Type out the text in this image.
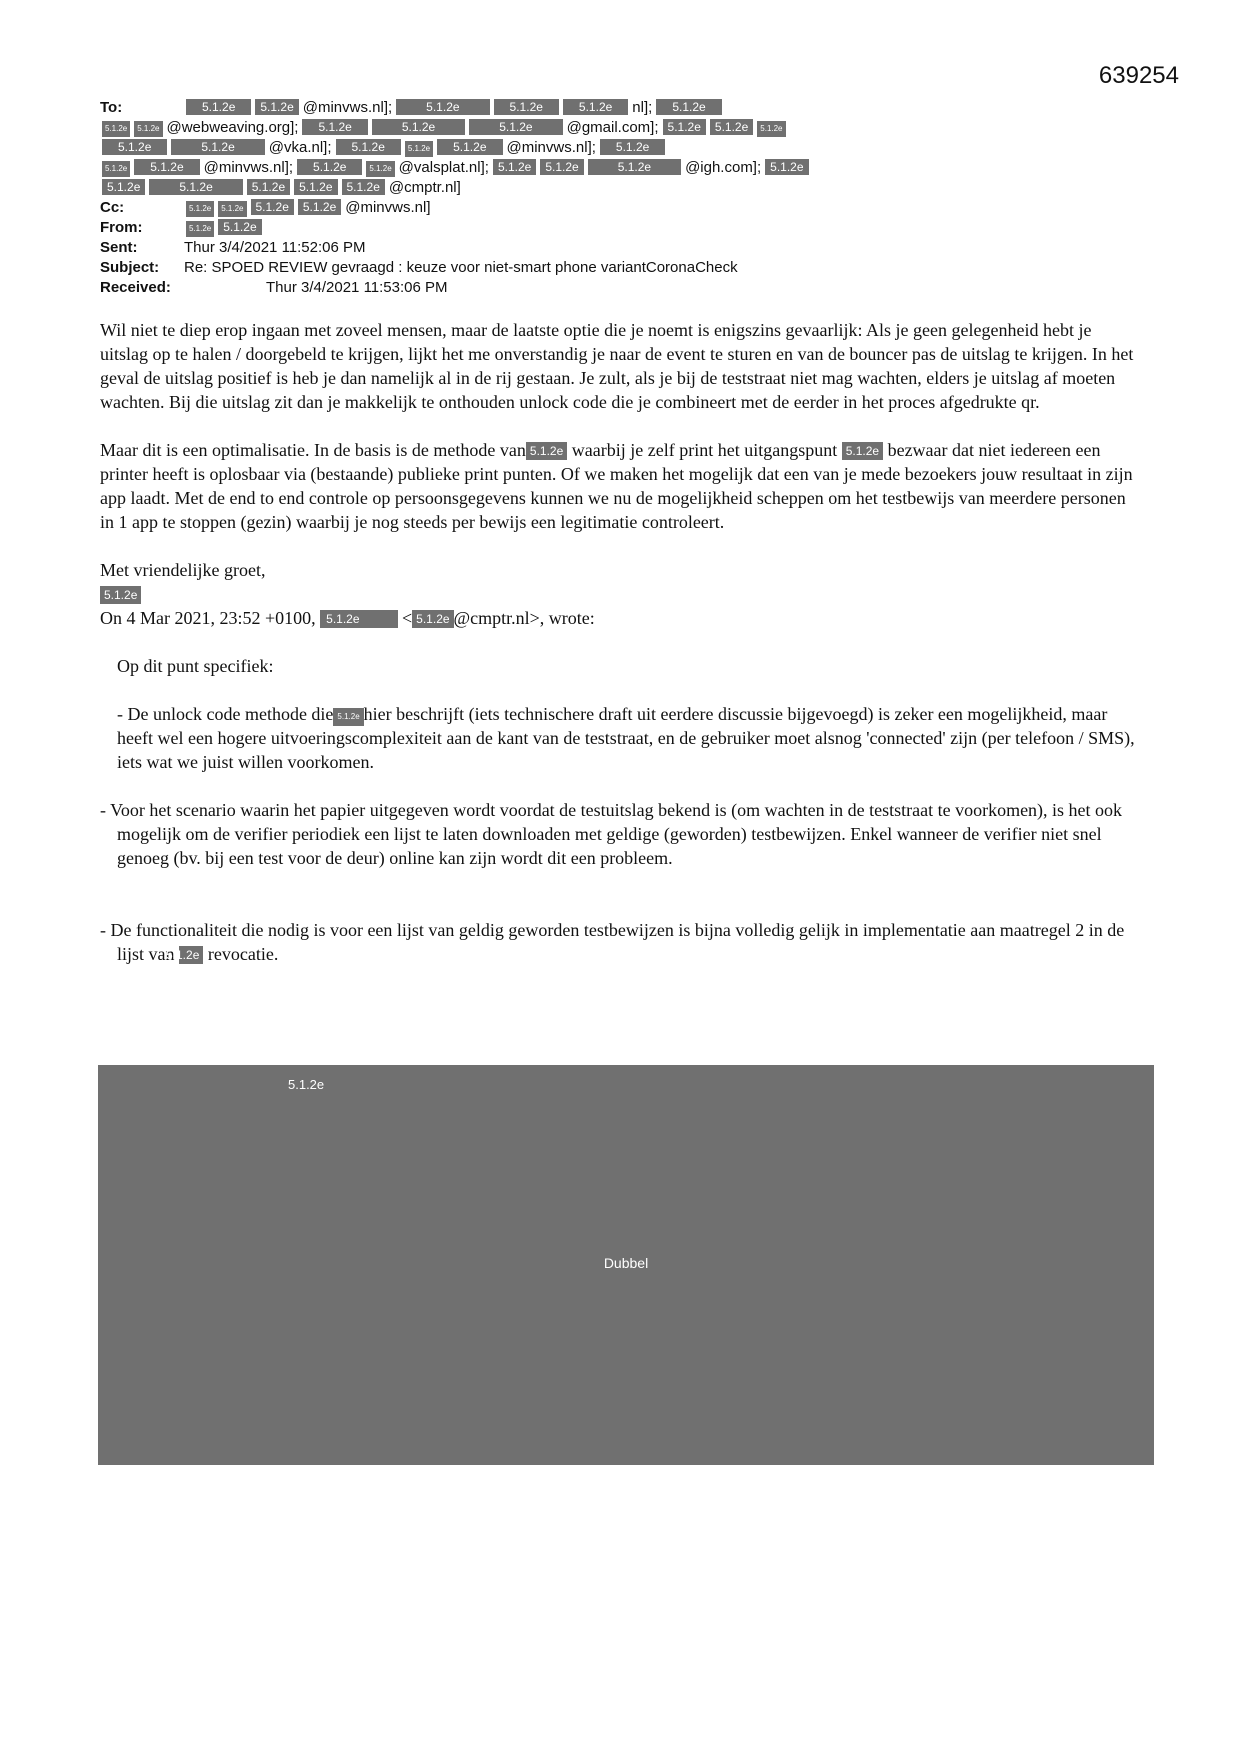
639254
To:	5.1.2e 5.1.2e @minvws.nl];	5.1.2e	5.1.2e	5.1.2e nl]; 5.1.2e
5.1.2e 5.1.2e @webweaving.org]; 5.1.2e	5.1.2e	5.1.2e @gmail.com]; 5.1.2e 5.1.2e 5.1.2e
5.1.2e	5.1.2e @vka.nl]; 5.1.2e	5.1.2e 5.1.2e @minvws.nl]; 5.1.2e
5.1.2e 5.1.2e @minvws.nl]; 5.1.2e	5.1.2e @valsplat.nl]; 5.1.2e 5.1.2e	5.1.2e @igh.com]; 5.1.2e
5.1.2e	5.1.2e	5.1.2e 5.1.2e 5.1.2e @cmptr.nl]
Cc:	5.1.2e 5.1.2e 5.1.2e 5.1.2e @minvws.nl]
From:	5.1.2e 5.1.2e
Sent:	Thur 3/4/2021 11:52:06 PM
Subject: Re: SPOED REVIEW gevraagd : keuze voor niet-smart phone variantCoronaCheck
Received:	Thur 3/4/2021 11:53:06 PM

Wil niet te diep erop ingaan met zoveel mensen, maar de laatste optie die je noemt is enigszins gevaarlijk: Als je geen gelegenheid hebt je uitslag op te halen / doorgebeld te krijgen, lijkt het me onverstandig je naar de event te sturen en van de bouncer pas de uitslag te krijgen. In het geval de uitslag positief is heb je dan namelijk al in de rij gestaan. Je zult, als je bij de teststraat niet mag wachten, elders je uitslag af moeten wachten. Bij die uitslag zit dan je makkelijk te onthouden unlock code die je combineert met de eerder in het proces afgedrukte qr.

Maar dit is een optimalisatie. In de basis is de methode van 5.1.2e waarbij je zelf print het uitgangspunt 5.1.2e bezwaar dat niet iedereen een printer heeft is oplosbaar via (bestaande) publieke print punten. Of we maken het mogelijk dat een van je mede bezoekers jouw resultaat in zijn app laadt. Met de end to end controle op persoonsgegevens kunnen we nu de mogelijkheid scheppen om het testbewijs van meerdere personen in 1 app te stoppen (gezin) waarbij je nog steeds per bewijs een legitimatie controleert.

Met vriendelijke groet,
5.1.2e

On 4 Mar 2021, 23:52 +0100, 5.1.2e < 5.1.2e @cmptr.nl>, wrote:

Op dit punt specifiek:

- De unlock code methode die 5.1.2e hier beschrijft (iets technischere draft uit eerdere discussie bijgevoegd) is zeker een mogelijkheid, maar heeft wel een hogere uitvoeringscomplexiteit aan de kant van de teststraat, en de gebruiker moet alsnog 'connected' zijn (per telefoon / SMS), iets wat we juist willen voorkomen.

- Voor het scenario waarin het papier uitgegeven wordt voordat de testuitslag bekend is (om wachten in de teststraat te voorkomen), is het ook mogelijk om de verifier periodiek een lijst te laten downloaden met geldige (geworden) testbewijzen. Enkel wanneer de verifier niet snel genoeg (bv. bij een test voor de deur) online kan zijn wordt dit een probleem.

- De functionaliteit die nodig is voor een lijst van geldig geworden testbewijzen is bijna volledig gelijk in implementatie aan maatregel 2 in de lijst van 5.1.2e revocatie.

5.1.2e
Dubbel
